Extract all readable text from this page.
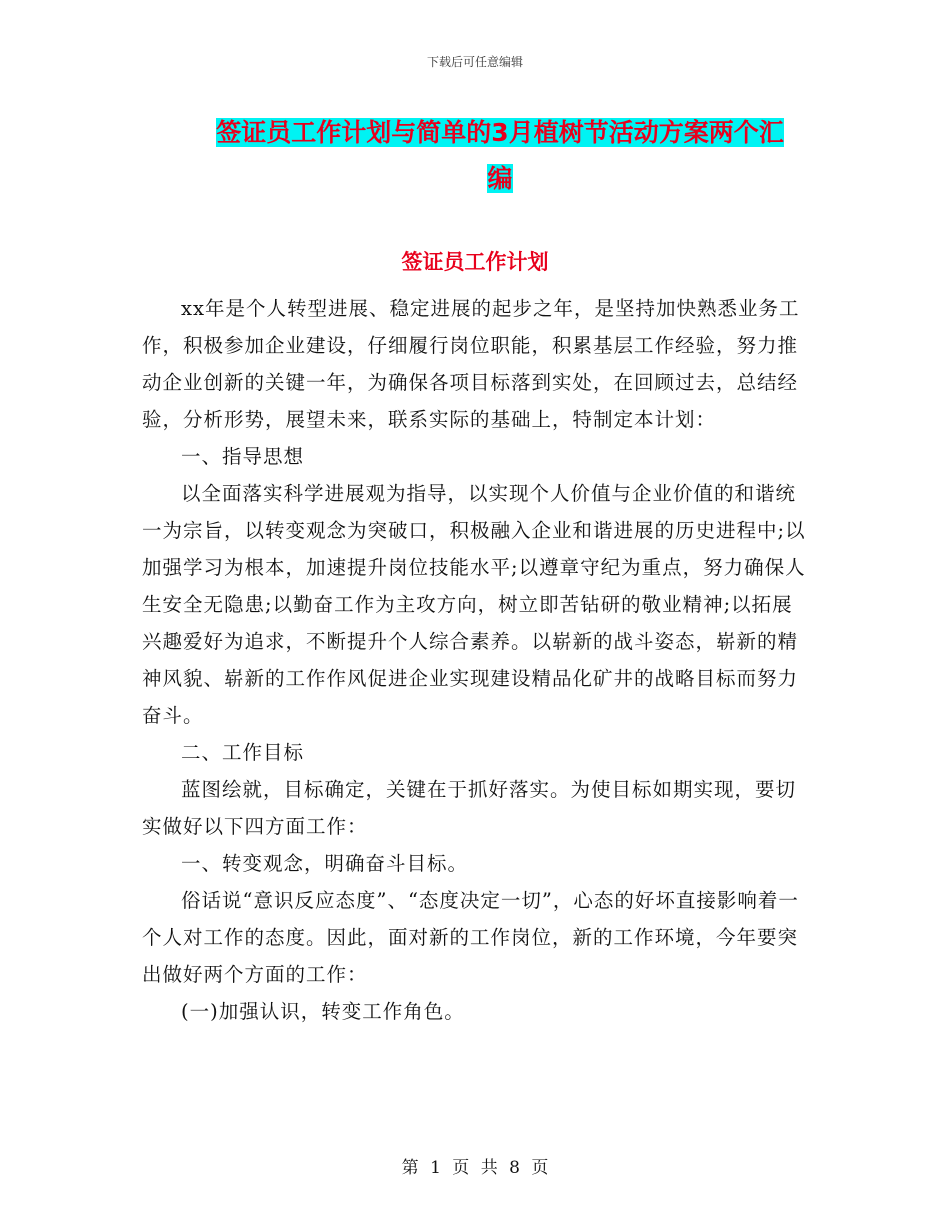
下载后可任意编辑
签证员工作计划与简单的3月植树节活动方案两个汇
编
签证员工作计划

xx年是个人转型进展、稳定进展的起步之年，是坚持加快熟悉业务工作，积极参加企业建设，仔细履行岗位职能，积累基层工作经验，努力推动企业创新的关键一年，为确保各项目标落到实处，在回顾过去，总结经验，分析形势，展望未来，联系实际的基础上，特制定本计划：

一、指导思想

以全面落实科学进展观为指导，以实现个人价值与企业价值的和谐统一为宗旨，以转变观念为突破口，积极融入企业和谐进展的历史进程中;以加强学习为根本，加速提升岗位技能水平;以遵章守纪为重点，努力确保人生安全无隐患;以勤奋工作为主攻方向，树立即苦钻研的敬业精神;以拓展兴趣爱好为追求，不断提升个人综合素养。以崭新的战斗姿态，崭新的精神风貌、崭新的工作作风促进企业实现建设精品化矿井的战略目标而努力奋斗。

二、工作目标

蓝图绘就，目标确定，关键在于抓好落实。为使目标如期实现，要切实做好以下四方面工作：

一、转变观念，明确奋斗目标。

俗话说“意识反应态度”、“态度决定一切”，心态的好坏直接影响着一个人对工作的态度。因此，面对新的工作岗位，新的工作环境，今年要突出做好两个方面的工作：

(一)加强认识，转变工作角色。

第 1 页 共 8 页
